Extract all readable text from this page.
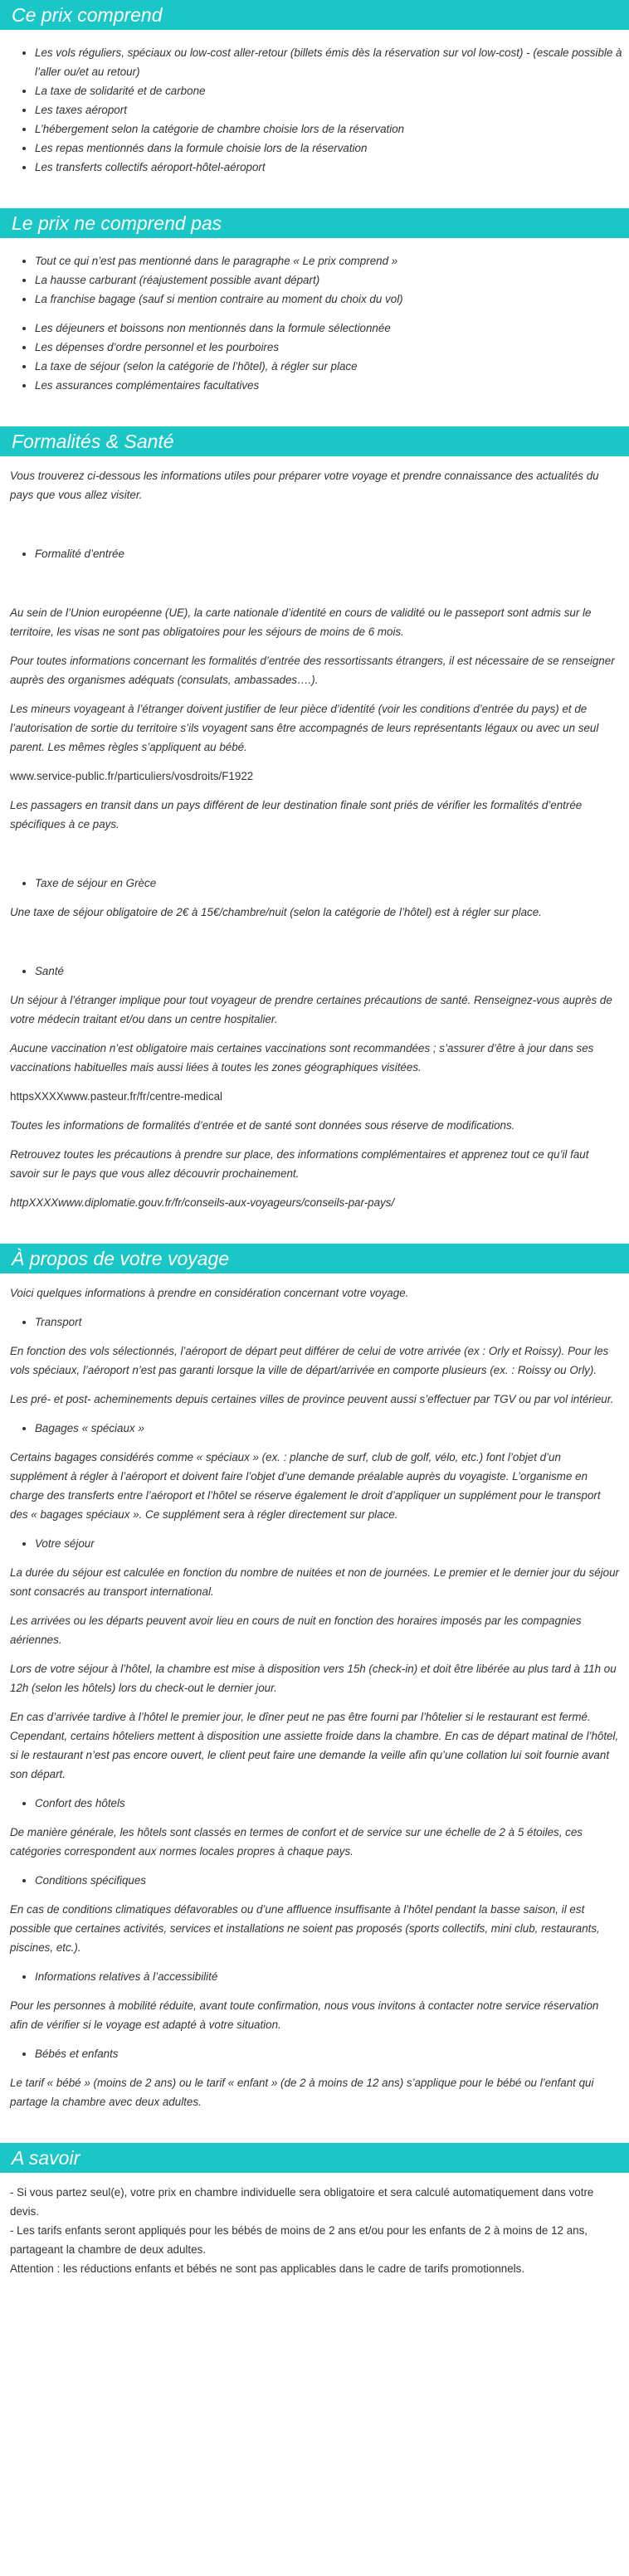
Ce prix comprend
• Les vols réguliers, spéciaux ou low-cost aller-retour (billets émis dès la réservation sur vol low-cost) - (escale possible à l’aller ou/et au retour)
• La taxe de solidarité et de carbone
• Les taxes aéroport
• L’hébergement selon la catégorie de chambre choisie lors de la réservation
• Les repas mentionnés dans la formule choisie lors de la réservation
• Les transferts collectifs aéroport-hôtel-aéroport
Le prix ne comprend pas
• Tout ce qui n’est pas mentionné dans le paragraphe « Le prix comprend »
• La hausse carburant (réajustement possible avant départ)
• La franchise bagage (sauf si mention contraire au moment du choix du vol)
• Les déjeuners et boissons non mentionnés dans la formule sélectionnée
• Les dépenses d’ordre personnel et les pourboires
• La taxe de séjour (selon la catégorie de l’hôtel), à régler sur place
• Les assurances complémentaires facultatives
Formalités & Santé

Vous trouverez ci-dessous les informations utiles pour préparer votre voyage et prendre connaissance des actualités du pays que vous allez visiter.

• Formalité d’entrée

Au sein de l’Union européenne (UE), la carte nationale d’identité en cours de validité ou le passeport sont admis sur le territoire, les visas ne sont pas obligatoires pour les séjours de moins de 6 mois.

Pour toutes informations concernant les formalités d’entrée des ressortissants étrangers, il est nécessaire de se renseigner auprès des organismes adéquats (consulats, ambassades….).

Les mineurs voyageant à l’étranger doivent justifier de leur pièce d’identité (voir les conditions d’entrée du pays) et de l’autorisation de sortie du territoire s’ils voyagent sans être accompagnés de leurs représentants légaux ou avec un seul parent. Les mêmes règles s’appliquent au bébé.

www.service-public.fr/particuliers/vosdroits/F1922

Les passagers en transit dans un pays différent de leur destination finale sont priés de vérifier les formalités d’entrée spécifiques à ce pays.

• Taxe de séjour en Grèce

Une taxe de séjour obligatoire de 2€ à 15€/chambre/nuit (selon la catégorie de l’hôtel) est à régler sur place.

• Santé

Un séjour à l’étranger implique pour tout voyageur de prendre certaines précautions de santé. Renseignez-vous auprès de votre médecin traitant et/ou dans un centre hospitalier.

Aucune vaccination n’est obligatoire mais certaines vaccinations sont recommandées ; s’assurer d’être à jour dans ses vaccinations habituelles mais aussi liées à toutes les zones géographiques visitées.

httpsXXXXwww.pasteur.fr/fr/centre-medical

Toutes les informations de formalités d’entrée et de santé sont données sous réserve de modifications.

Retrouvez toutes les précautions à prendre sur place, des informations complémentaires et apprenez tout ce qu’il faut savoir sur le pays que vous allez découvrir prochainement.

httpXXXXwww.diplomatie.gouv.fr/fr/conseils-aux-voyageurs/conseils-par-pays/

À propos de votre voyage

Voici quelques informations à prendre en considération concernant votre voyage.

• Transport

En fonction des vols sélectionnés, l’aéroport de départ peut différer de celui de votre arrivée (ex : Orly et Roissy). Pour les vols spéciaux, l’aéroport n’est pas garanti lorsque la ville de départ/arrivée en comporte plusieurs (ex. : Roissy ou Orly).

Les pré- et post- acheminements depuis certaines villes de province peuvent aussi s’effectuer par TGV ou par vol intérieur.

• Bagages « spéciaux »

Certains bagages considérés comme « spéciaux » (ex. : planche de surf, club de golf, vélo, etc.) font l’objet d’un supplément à régler à l’aéroport et doivent faire l’objet d’une demande préalable auprès du voyagiste. L’organisme en charge des transferts entre l’aéroport et l’hôtel se réserve également le droit d’appliquer un supplément pour le transport des « bagages spéciaux ». Ce supplément sera à régler directement sur place.

• Votre séjour

La durée du séjour est calculée en fonction du nombre de nuitées et non de journées. Le premier et le dernier jour du séjour sont consacrés au transport international.

Les arrivées ou les départs peuvent avoir lieu en cours de nuit en fonction des horaires imposés par les compagnies aériennes.

Lors de votre séjour à l’hôtel, la chambre est mise à disposition vers 15h (check-in) et doit être libérée au plus tard à 11h ou 12h (selon les hôtels) lors du check-out le dernier jour.

En cas d’arrivée tardive à l’hôtel le premier jour, le dîner peut ne pas être fourni par l’hôtelier si le restaurant est fermé. Cependant, certains hôteliers mettent à disposition une assiette froide dans la chambre. En cas de départ matinal de l’hôtel, si le restaurant n’est pas encore ouvert, le client peut faire une demande la veille afin qu’une collation lui soit fournie avant son départ.

• Confort des hôtels

De manière générale, les hôtels sont classés en termes de confort et de service sur une échelle de 2 à 5 étoiles, ces catégories correspondent aux normes locales propres à chaque pays.

• Conditions spécifiques

En cas de conditions climatiques défavorables ou d’une affluence insuffisante à l’hôtel pendant la basse saison, il est possible que certaines activités, services et installations ne soient pas proposés (sports collectifs, mini club, restaurants, piscines, etc.).

• Informations relatives à l’accessibilité

Pour les personnes à mobilité réduite, avant toute confirmation, nous vous invitons à contacter notre service réservation afin de vérifier si le voyage est adapté à votre situation.

• Bébés et enfants

Le tarif « bébé » (moins de 2 ans) ou le tarif « enfant » (de 2 à moins de 12 ans) s’applique pour le bébé ou l’enfant qui partage la chambre avec deux adultes.

A savoir

- Si vous partez seul(e), votre prix en chambre individuelle sera obligatoire et sera calculé automatiquement dans votre devis.

- Les tarifs enfants seront appliqués pour les bébés de moins de 2 ans et/ou pour les enfants de 2 à moins de 12 ans, partageant la chambre de deux adultes.

Attention : les réductions enfants et bébés ne sont pas applicables dans le cadre de tarifs promotionnels.
